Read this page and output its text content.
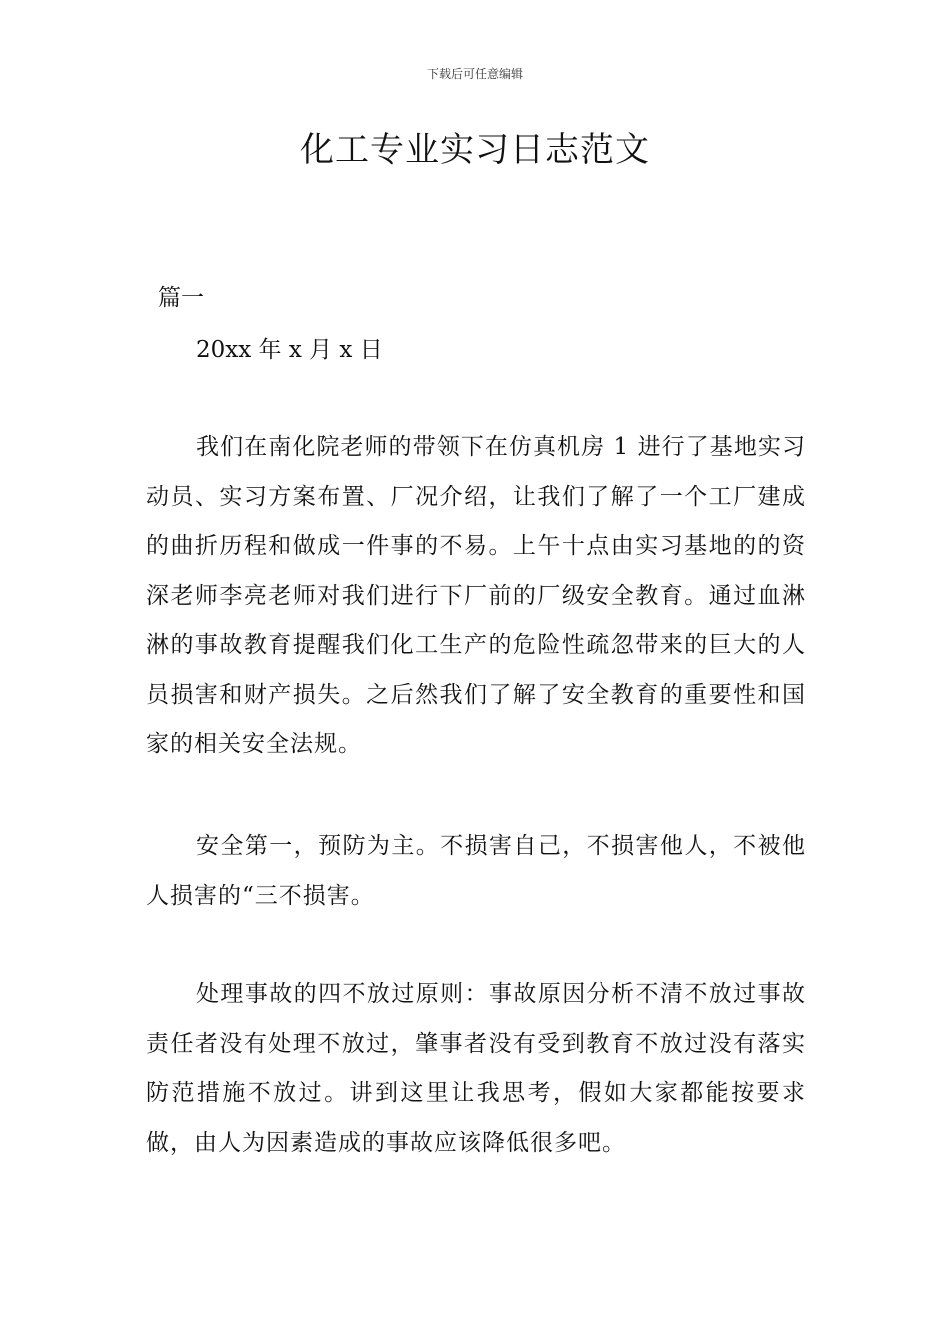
下载后可任意编辑
化工专业实习日志范文

篇一

20xx 年 x 月 x 日

我们在南化院老师的带领下在仿真机房 1 进行了基地实习动员、实习方案布置、厂况介绍，让我们了解了一个工厂建成的曲折历程和做成一件事的不易。上午十点由实习基地的的资深老师李亮老师对我们进行下厂前的厂级安全教育。通过血淋淋的事故教育提醒我们化工生产的危险性疏忽带来的巨大的人员损害和财产损失。之后然我们了解了安全教育的重要性和国家的相关安全法规。

安全第一，预防为主。不损害自己，不损害他人，不被他人损害的“三不损害。

处理事故的四不放过原则：事故原因分析不清不放过事故责任者没有处理不放过，肇事者没有受到教育不放过没有落实防范措施不放过。讲到这里让我思考，假如大家都能按要求做，由人为因素造成的事故应该降低很多吧。
